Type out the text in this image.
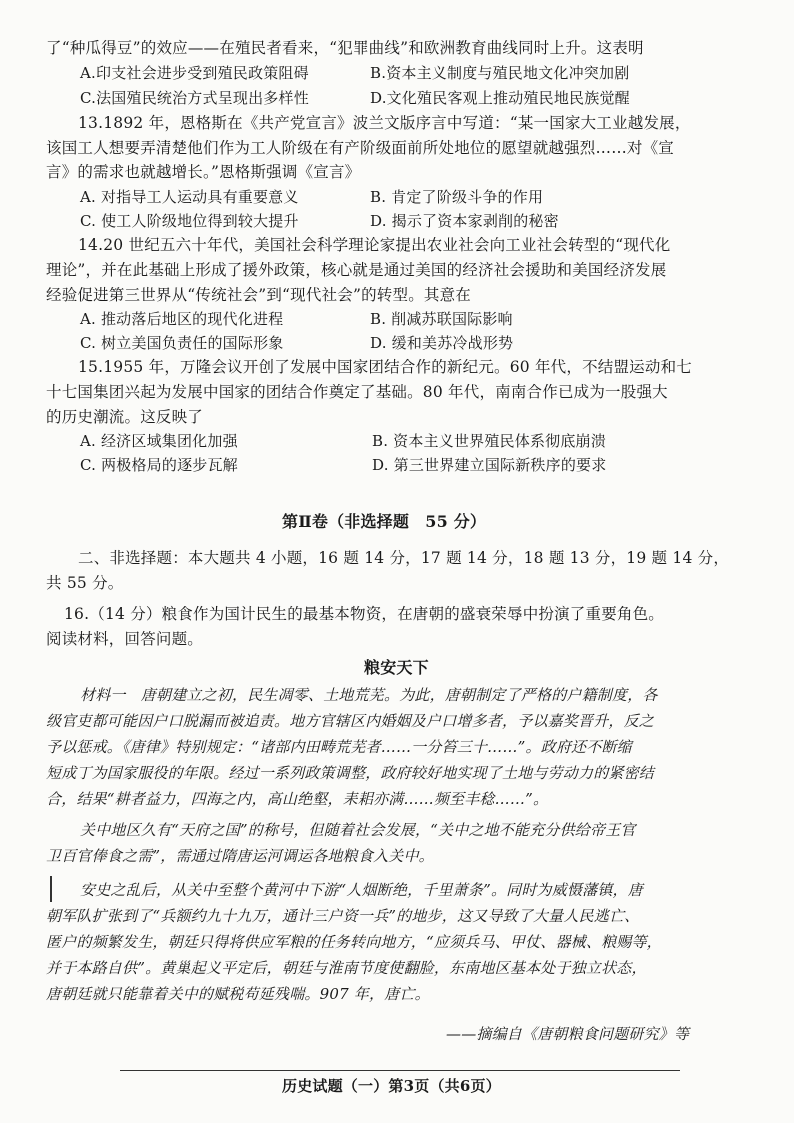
了“种瓜得豆”的效应——在殖民者看来，“犯罪曲线”和欧洲教育曲线同时上升。这表明
A.印支社会进步受到殖民政策阻碍	B.资本主义制度与殖民地文化冲突加剧
C.法国殖民统治方式呈现出多样性	D.文化殖民客观上推动殖民地民族觉醒
13.1892 年，恩格斯在《共产党宣言》波兰文版序言中写道：“某一国家大工业越发展，
该国工人想要弄清楚他们作为工人阶级在有产阶级面前所处地位的愿望就越强烈……对《宣
言》的需求也就越增长。”恩格斯强调《宣言》
A. 对指导工人运动具有重要意义	B. 肯定了阶级斗争的作用
C. 使工人阶级地位得到较大提升	D. 揭示了资本家剥削的秘密
14.20 世纪五六十年代，美国社会科学理论家提出农业社会向工业社会转型的“现代化
理论”，并在此基础上形成了援外政策，核心就是通过美国的经济社会援助和美国经济发展
经验促进第三世界从“传统社会”到“现代社会”的转型。其意在
A. 推动落后地区的现代化进程	B. 削减苏联国际影响
C. 树立美国负责任的国际形象	D. 缓和美苏冷战形势
15.1955 年，万隆会议开创了发展中国家团结合作的新纪元。60 年代，不结盟运动和七
十七国集团兴起为发展中国家的团结合作奠定了基础。80 年代，南南合作已成为一股强大
的历史潮流。这反映了
A. 经济区域集团化加强	B. 资本主义世界殖民体系彻底崩溃
C. 两极格局的逐步瓦解	D. 第三世界建立国际新秩序的要求
第Ⅱ卷（非选择题　55 分）
二、非选择题：本大题共 4 小题，16 题 14 分，17 题 14 分，18 题 13 分，19 题 14 分，
共 55 分。
16.（14 分）粮食作为国计民生的最基本物资，在唐朝的盛衰荣辱中扮演了重要角色。
阅读材料，回答问题。
粮安天下
材料一　唐朝建立之初，民生凋零、土地荒芜。为此，唐朝制定了严格的户籍制度，各
级官吏都可能因户口脱漏而被追责。地方官辖区内婚姻及户口增多者，予以嘉奖晋升，反之
予以惩戒。《唐律》特别规定：“诸部内田畴荒芜者……一分笞三十……”。政府还不断缩
短成丁为国家服役的年限。经过一系列政策调整，政府较好地实现了土地与劳动力的紧密结
合，结果“耕者益力，四海之内，高山绝壑，耒耜亦满……频至丰稔……”。
关中地区久有“天府之国”的称号，但随着社会发展，“关中之地不能充分供给帝王官
卫百官俸食之需”，需通过隋唐运河调运各地粮食入关中。
安史之乱后，从关中至整个黄河中下游“人烟断绝，千里萧条”。同时为威慑藩镇，唐
朝军队扩张到了“兵额约九十九万，通计三户资一兵”的地步，这又导致了大量人民逃亡、
匿户的频繁发生，朝廷只得将供应军粮的任务转向地方，“应须兵马、甲仗、器械、粮赐等，
并于本路自供”。黄巢起义平定后，朝廷与淮南节度使翻脸，东南地区基本处于独立状态，
唐朝廷就只能靠着关中的赋税苟延残喘。907 年，唐亡。
——摘编自《唐朝粮食问题研究》等
历史试题（一）第3页（共6页）
